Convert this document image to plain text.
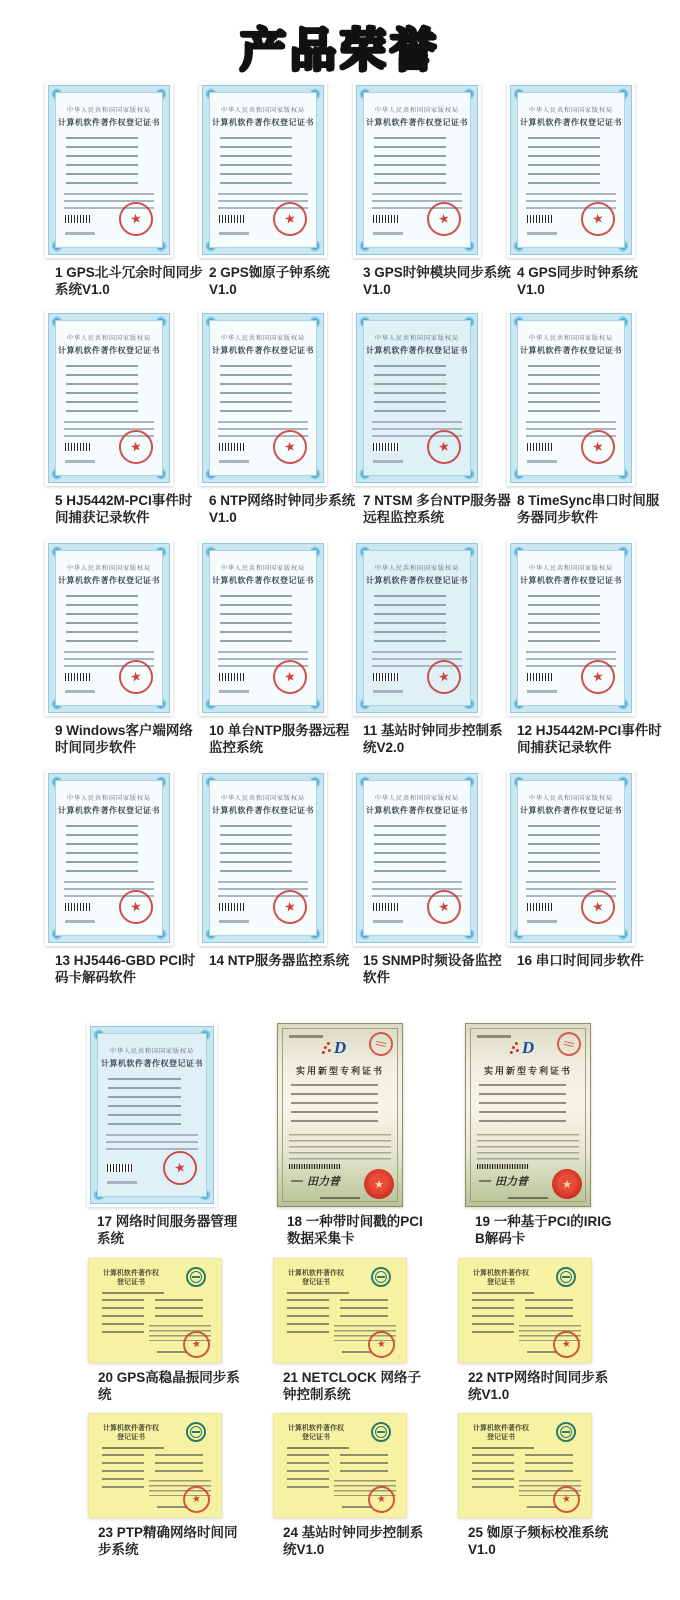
产品荣誉
中华人民共和国国家版权局
计算机软件著作权登记证书
★
1 GPS北斗冗余时间同步系统V1.0
中华人民共和国国家版权局
计算机软件著作权登记证书
★
2 GPS铷原子钟系统V1.0
中华人民共和国国家版权局
计算机软件著作权登记证书
★
3 GPS时钟模块同步系统V1.0
中华人民共和国国家版权局
计算机软件著作权登记证书
★
4 GPS同步时钟系统V1.0
中华人民共和国国家版权局
计算机软件著作权登记证书
★
5 HJ5442M-PCI事件时间捕获记录软件
中华人民共和国国家版权局
计算机软件著作权登记证书
★
6 NTP网络时钟同步系统V1.0
中华人民共和国国家版权局
计算机软件著作权登记证书
★
7 NTSM 多台NTP服务器远程监控系统
中华人民共和国国家版权局
计算机软件著作权登记证书
★
8 TimeSync串口时间服务器同步软件
中华人民共和国国家版权局
计算机软件著作权登记证书
★
9 Windows客户端网络时间同步软件
中华人民共和国国家版权局
计算机软件著作权登记证书
★
10 单台NTP服务器远程监控系统
中华人民共和国国家版权局
计算机软件著作权登记证书
★
11 基站时钟同步控制系统V2.0
中华人民共和国国家版权局
计算机软件著作权登记证书
★
12 HJ5442M-PCI事件时间捕获记录软件
中华人民共和国国家版权局
计算机软件著作权登记证书
★
13 HJ5446-GBD PCI时码卡解码软件
中华人民共和国国家版权局
计算机软件著作权登记证书
★
14 NTP服务器监控系统
中华人民共和国国家版权局
计算机软件著作权登记证书
★
15 SNMP时频设备监控软件
中华人民共和国国家版权局
计算机软件著作权登记证书
★
16 串口时间同步软件
中华人民共和国国家版权局
计算机软件著作权登记证书
★
17 网络时间服务器管理系统
D
实用新型专利证书
田力普
★
18 一种带时间戳的PCI数据采集卡
D
实用新型专利证书
田力普
★
19 一种基于PCI的IRIG B解码卡
计算机软件著作权
登记证书
★
20 GPS高稳晶振同步系统
计算机软件著作权
登记证书
★
21 NETCLOCK 网络子钟控制系统
计算机软件著作权
登记证书
★
22 NTP网络时间同步系统V1.0
计算机软件著作权
登记证书
★
23 PTP精确网络时间同步系统
计算机软件著作权
登记证书
★
24 基站时钟同步控制系统V1.0
计算机软件著作权
登记证书
★
25 铷原子频标校准系统V1.0
